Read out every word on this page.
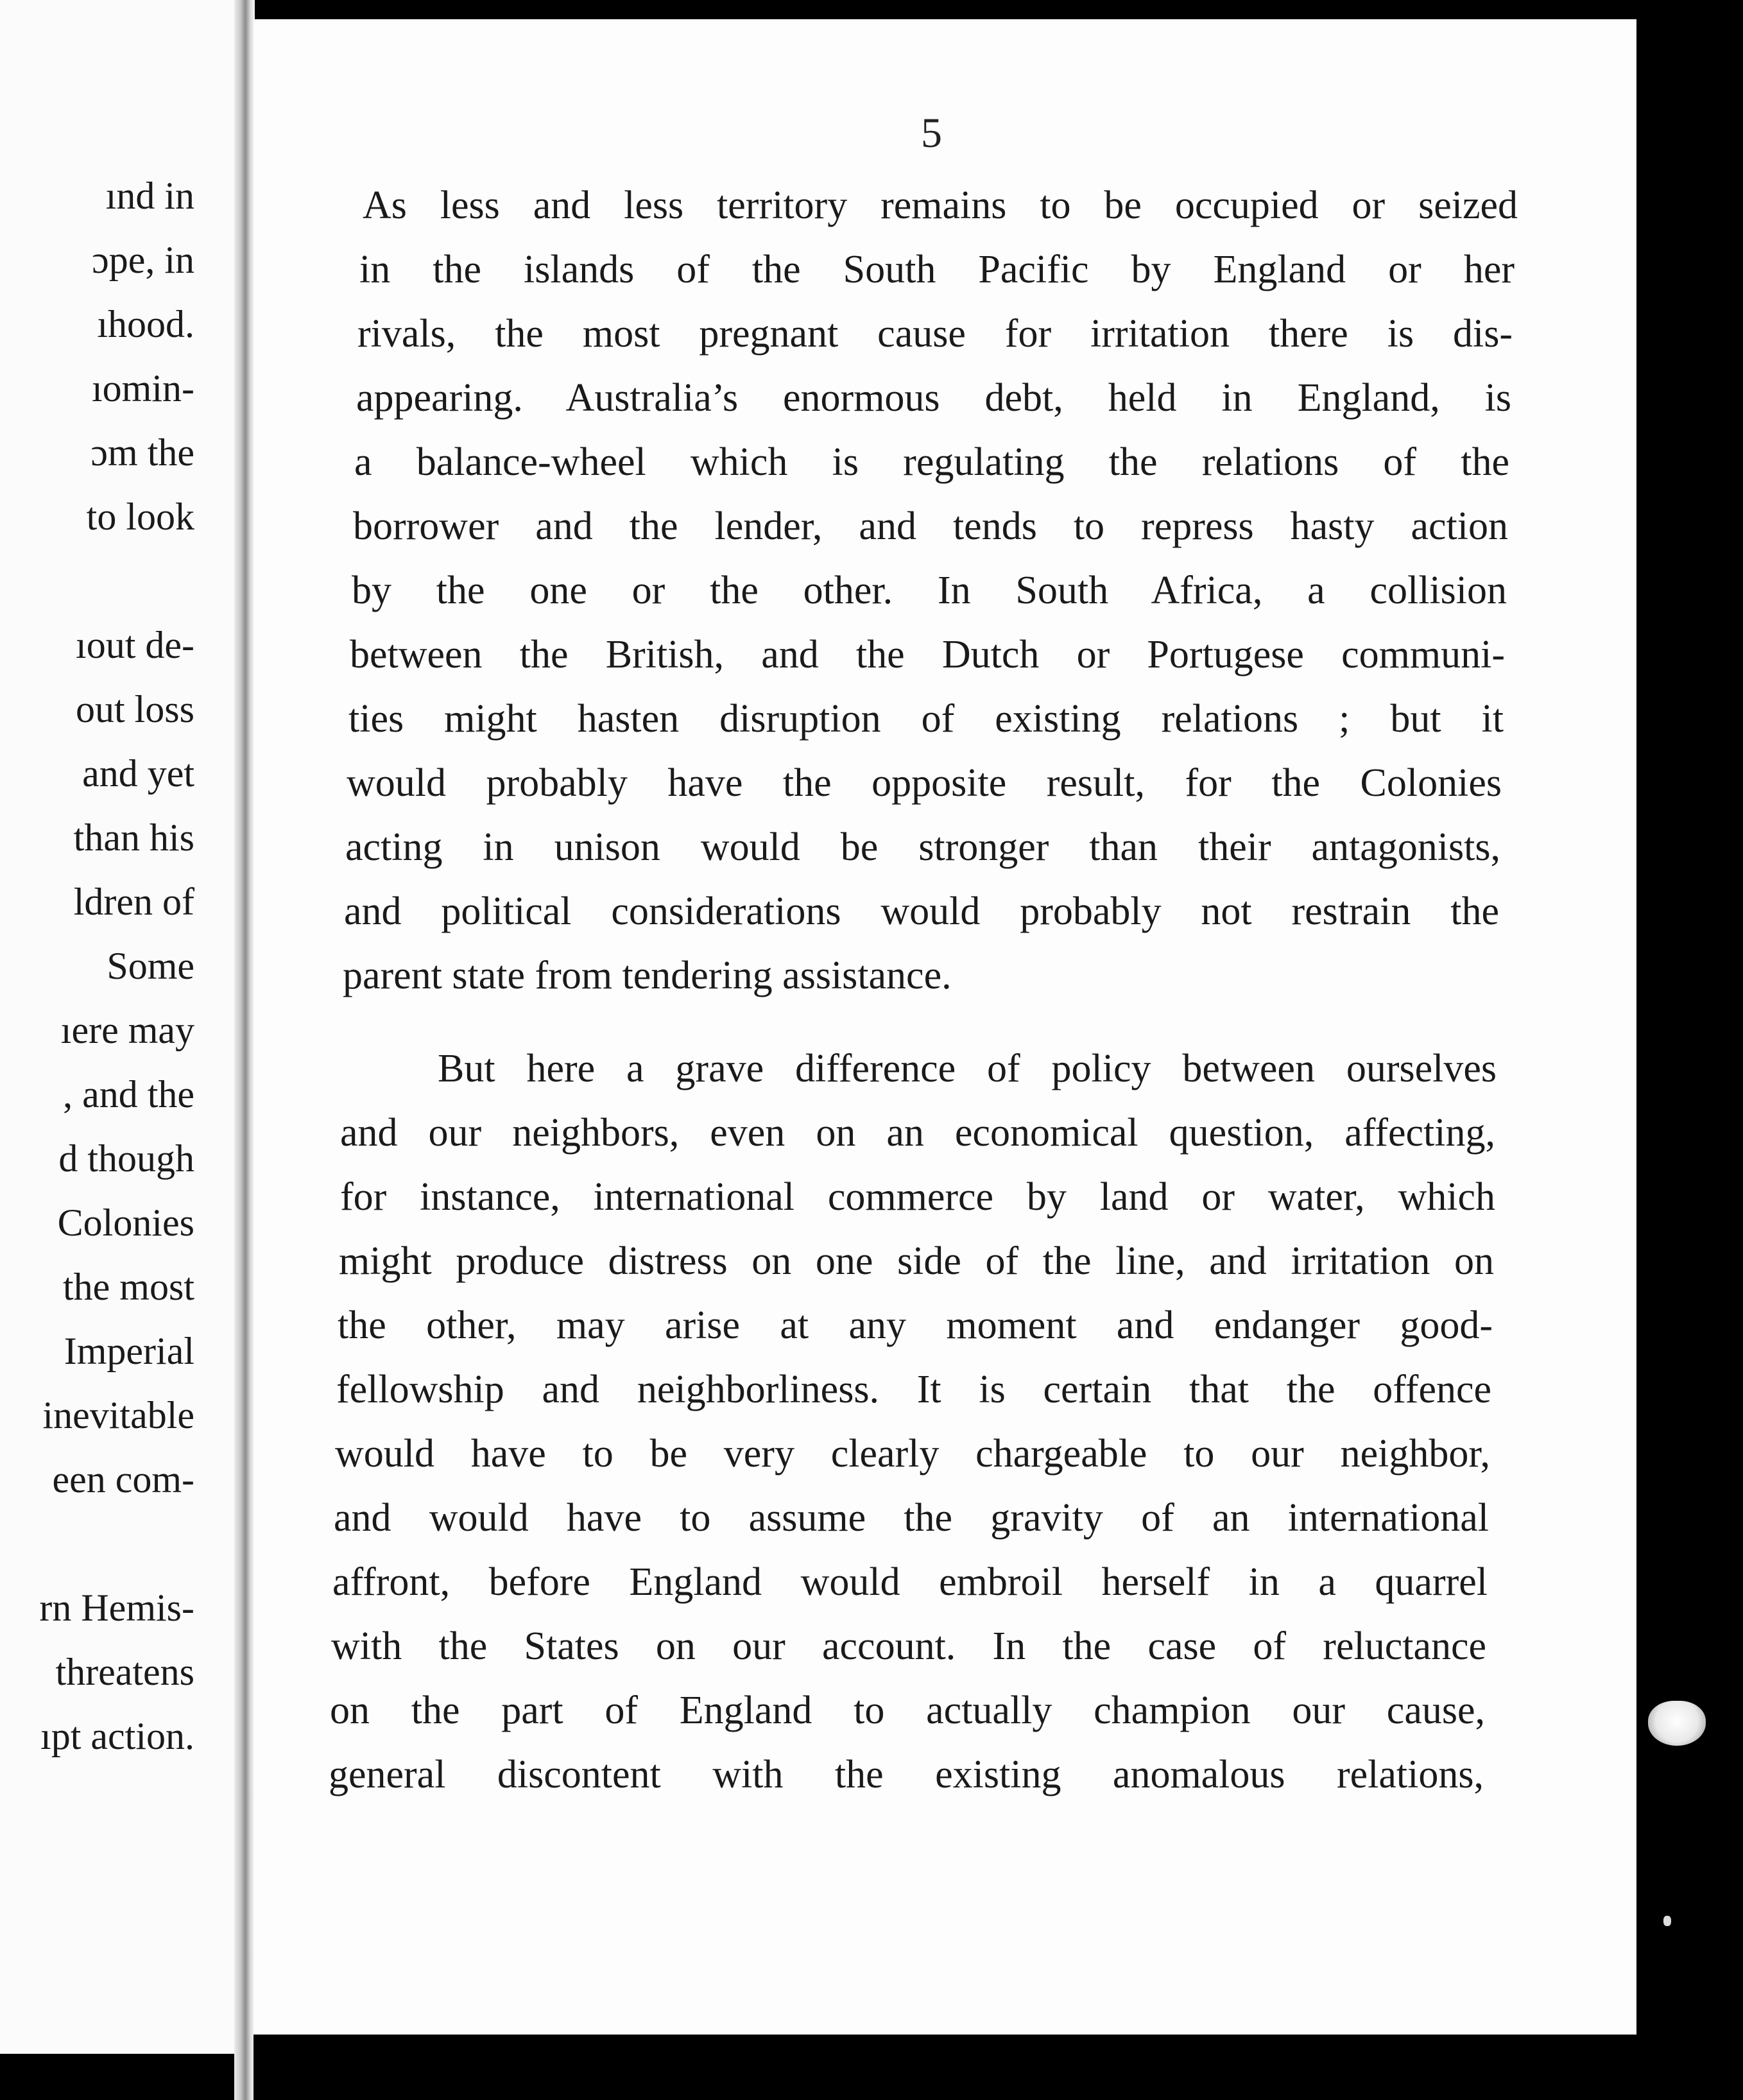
ınd in
ɔpe, in
ıhood.
ıomin-
ɔm the
to look
ıout de-
out loss
and yet
than his
ldren of
Some
ıere may
, and the
d though
Colonies
the most
Imperial
inevitable
een com-
rn Hemis-
threatens
ıpt action.
5
As less and less territory remains to be occupied or seized
in the islands of the South Pacific by England or her
rivals, the most pregnant cause for irritation there is dis-
appearing. Australia’s enormous debt, held in England, is
a balance-wheel which is regulating the relations of the
borrower and the lender, and tends to repress hasty action
by the one or the other. In South Africa, a collision
between the British, and the Dutch or Portugese communi-
ties might hasten disruption of existing relations ; but it
would probably have the opposite result, for the Colonies
acting in unison would be stronger than their antagonists,
and political considerations would probably not restrain the
parent state from tendering assistance.
But here a grave difference of policy between ourselves
and our neighbors, even on an economical question, affecting,
for instance, international commerce by land or water, which
might produce distress on one side of the line, and irritation on
the other, may arise at any moment and endanger good-
fellowship and neighborliness. It is certain that the offence
would have to be very clearly chargeable to our neighbor,
and would have to assume the gravity of an international
affront, before England would embroil herself in a quarrel
with the States on our account. In the case of reluctance
on the part of England to actually champion our cause,
general discontent with the existing anomalous relations,
